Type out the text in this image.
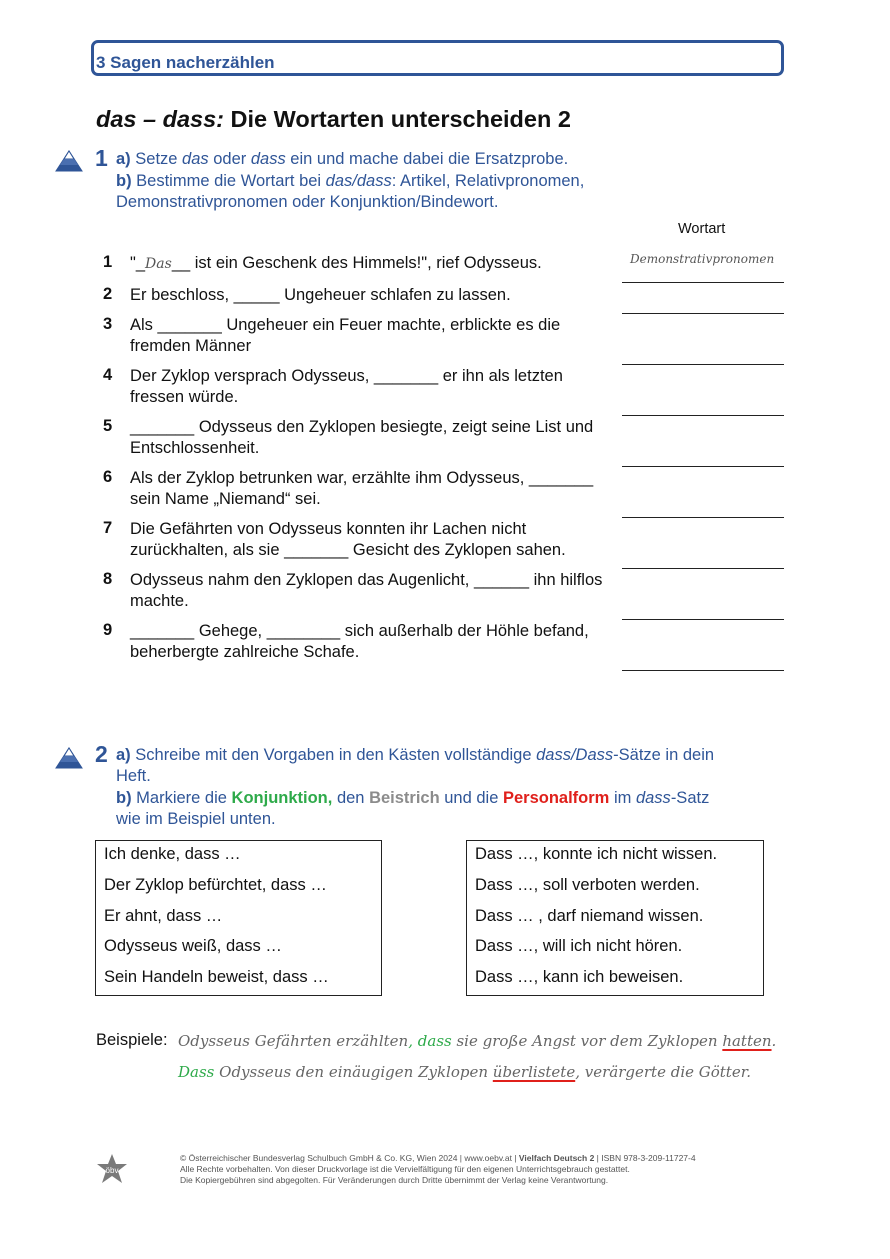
3 Sagen nacherzählen
das – dass: Die Wortarten unterscheiden 2
1 a) Setze das oder dass ein und mache dabei die Ersatzprobe.
b) Bestimme die Wortart bei das/dass: Artikel, Relativpronomen,
Demonstrativpronomen oder Konjunktion/Bindewort.
Wortart
Demonstrativpronomen
1	"_Das__ ist ein Geschenk des Himmels!", rief Odysseus.
2	Er beschloss, _____ Ungeheuer schlafen zu lassen.
3	Als _______ Ungeheuer ein Feuer machte, erblickte es die fremden Männer
4	Der Zyklop versprach Odysseus, _______ er ihn als letzten fressen würde.
5	_______ Odysseus den Zyklopen besiegte, zeigt seine List und Entschlossenheit.
6	Als der Zyklop betrunken war, erzählte ihm Odysseus, _______ sein Name „Niemand“ sei.
7	Die Gefährten von Odysseus konnten ihr Lachen nicht zurückhalten, als sie _______ Gesicht des Zyklopen sahen.
8	Odysseus nahm den Zyklopen das Augenlicht, ______ ihn hilflos machte.
9	_______ Gehege, ________ sich außerhalb der Höhle befand, beherbergte zahlreiche Schafe.
2 a) Schreibe mit den Vorgaben in den Kästen vollständige dass/Dass-Sätze in dein
Heft.
b) Markiere die Konjunktion, den Beistrich und die Personalform im dass-Satz
wie im Beispiel unten.
Ich denke, dass …
Der Zyklop befürchtet, dass …
Er ahnt, dass …
Odysseus weiß, dass …
Sein Handeln beweist, dass …
Dass …, konnte ich nicht wissen.
Dass …, soll verboten werden.
Dass … , darf niemand wissen.
Dass …, will ich nicht hören.
Dass …, kann ich beweisen.
Beispiele: Odysseus Gefährten erzählten, dass sie große Angst vor dem Zyklopen hatten.
Dass Odysseus den einäugigen Zyklopen überlistete, verärgerte die Götter.
öbv
© Österreichischer Bundesverlag Schulbuch GmbH & Co. KG, Wien 2024 | www.oebv.at | Vielfach Deutsch 2 | ISBN 978-3-209-11727-4
Alle Rechte vorbehalten. Von dieser Druckvorlage ist die Vervielfältigung für den eigenen Unterrichtsgebrauch gestattet.
Die Kopiergebühren sind abgegolten. Für Veränderungen durch Dritte übernimmt der Verlag keine Verantwortung.
